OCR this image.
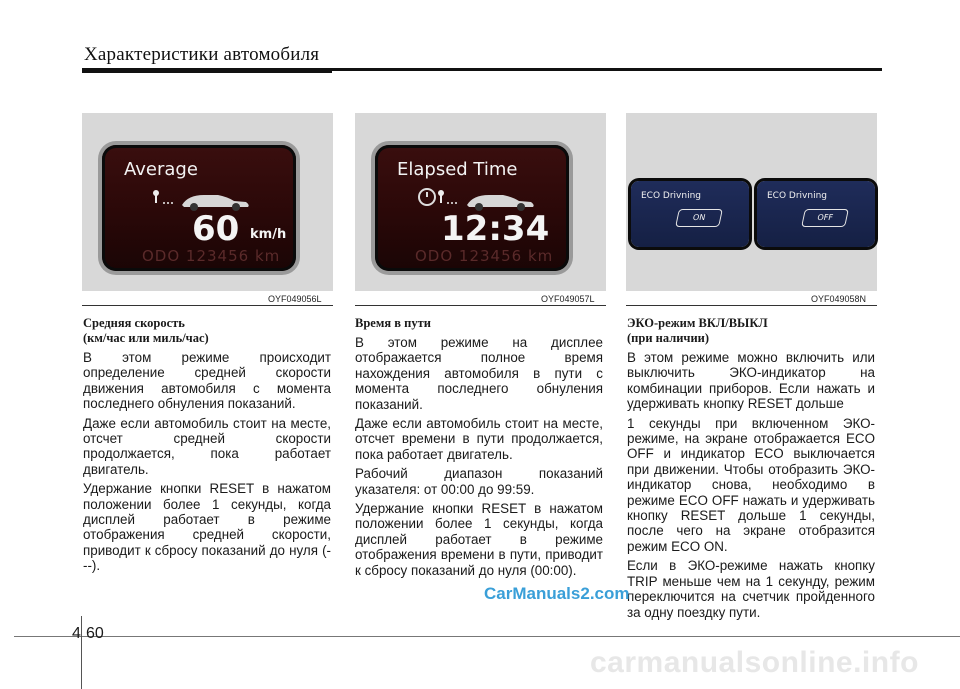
Характеристики автомобиля
Average
60 km/h
ODO 123456 km
OYF049056L
Elapsed Time
12:34
ODO 123456 km
OYF049057L
ECO Drivning
ON
ECO Drivning
OFF
OYF049058N
Средняя скорость
(км/час или миль/час)

В этом режиме происходит определение средней скорости движения автомобиля с момента последнего обнуления показаний.

Даже если автомобиль стоит на месте, отсчет средней скорости продолжается, пока работает двигатель.

Удержание кнопки RESET в нажатом положении более 1 секунды, когда дисплей работает в режиме отображения средней скорости, приводит к сбросу показаний до нуля (---).

Время в пути

В этом режиме на дисплее отображается полное время нахождения автомобиля в пути с момента последнего обнуления показаний.

Даже если автомобиль стоит на месте, отсчет времени в пути продолжается, пока работает двигатель.

Рабочий диапазон показаний указателя: от 00:00 до 99:59.

Удержание кнопки RESET в нажатом положении более 1 секунды, когда дисплей работает в режиме отображения времени в пути, приводит к сбросу показаний до нуля (00:00).

ЭКО-режим ВКЛ/ВЫКЛ
(при наличии)

В этом режиме можно включить или выключить ЭКО-индикатор на комбинации приборов. Если нажать и удерживать кнопку RESET дольше

1 секунды при включенном ЭКО-режиме, на экране отображается ECO OFF и индикатор ECO выключается при движении. Чтобы отобразить ЭКО-индикатор снова, необходимо в режиме ECO OFF нажать и удерживать кнопку RESET дольше 1 секунды, после чего на экране отобразится режим ECO ON.

Если в ЭКО-режиме нажать кнопку TRIP меньше чем на 1 секунду, режим переключится на счетчик пройденного за одну поездку пути.

4 60
CarManuals2.com
carmanualsonline.info
